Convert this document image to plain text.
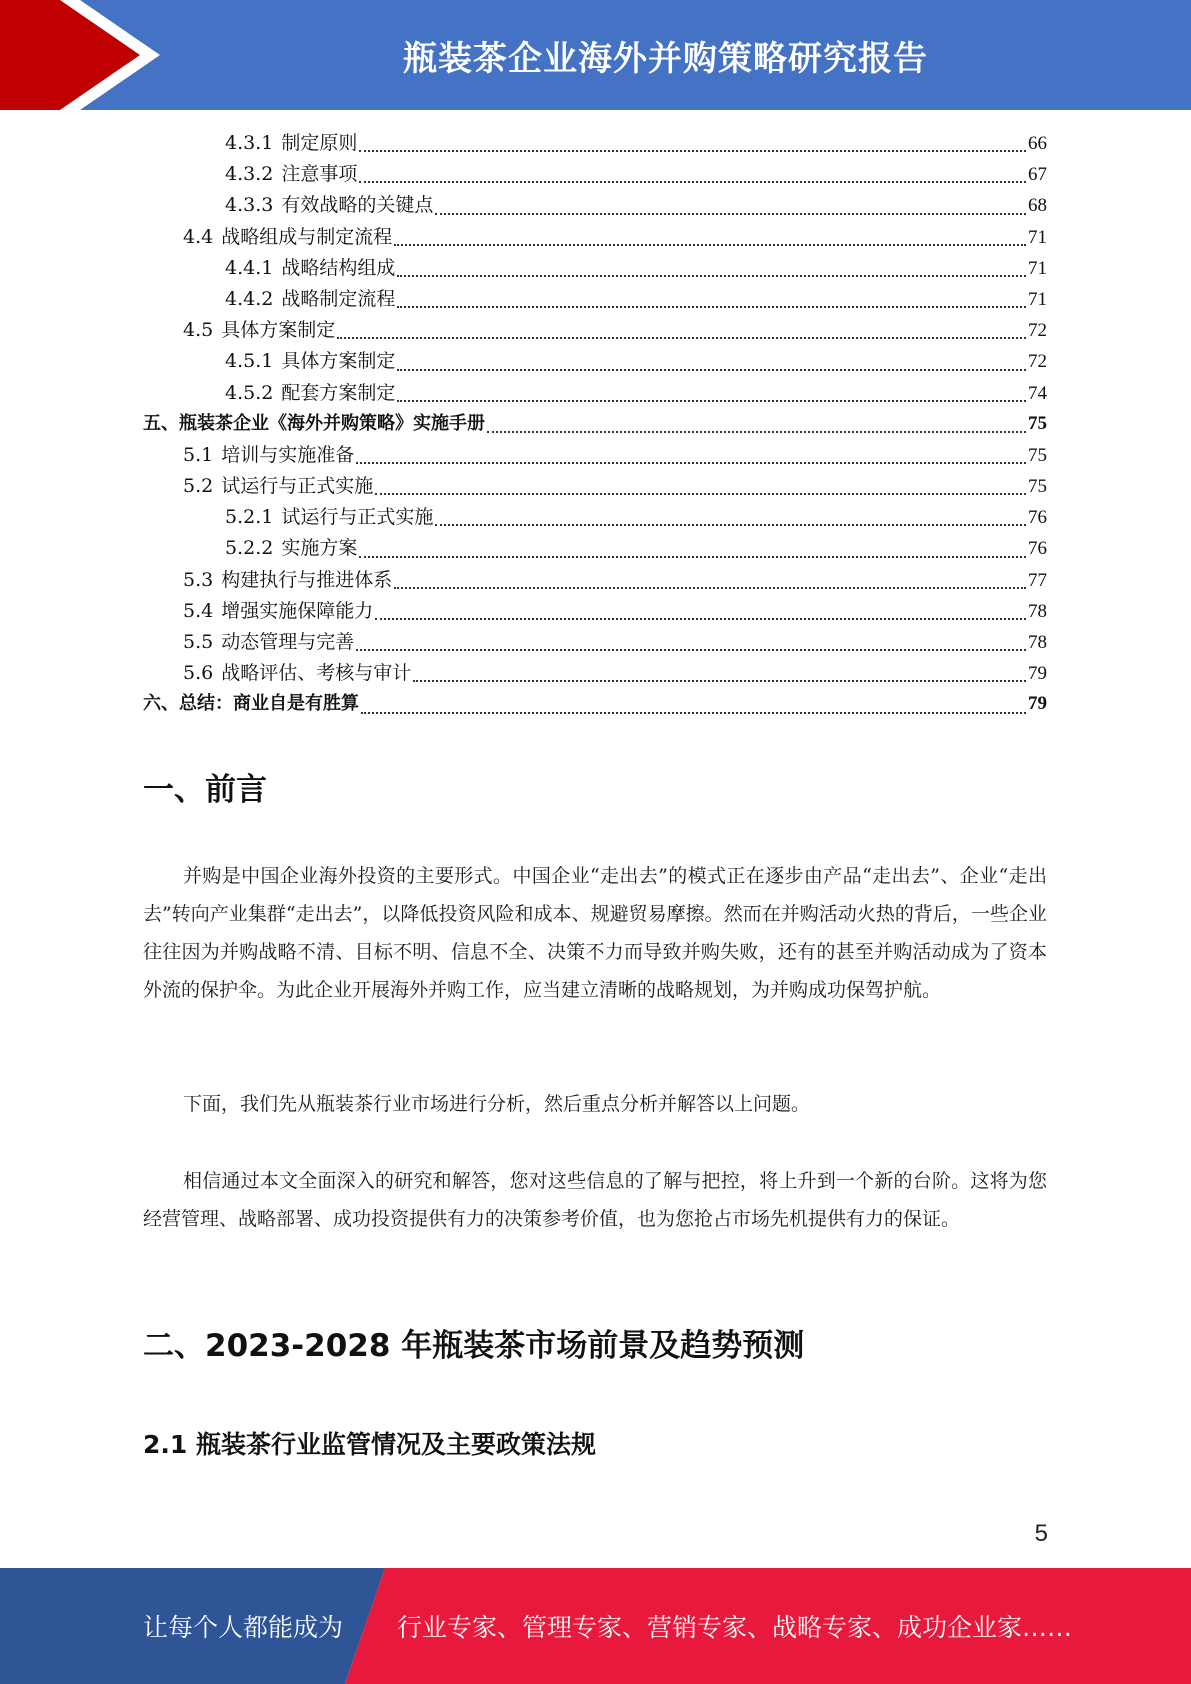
瓶装茶企业海外并购策略研究报告
4.3.1 制定原则	66
4.3.2 注意事项	67
4.3.3 有效战略的关键点	68
4.4 战略组成与制定流程	71
4.4.1 战略结构组成	71
4.4.2 战略制定流程	71
4.5 具体方案制定	72
4.5.1 具体方案制定	72
4.5.2 配套方案制定	74
五、瓶装茶企业《海外并购策略》实施手册	75
5.1 培训与实施准备	75
5.2 试运行与正式实施	75
5.2.1 试运行与正式实施	76
5.2.2 实施方案	76
5.3 构建执行与推进体系	77
5.4 增强实施保障能力	78
5.5 动态管理与完善	78
5.6 战略评估、考核与审计	79
六、总结：商业自是有胜算	79
一、前言
并购是中国企业海外投资的主要形式。中国企业“走出去”的模式正在逐步由产品“走出去”、企业“走出去”转向产业集群“走出去”，以降低投资风险和成本、规避贸易摩擦。然而在并购活动火热的背后，一些企业往往因为并购战略不清、目标不明、信息不全、决策不力而导致并购失败，还有的甚至并购活动成为了资本外流的保护伞。为此企业开展海外并购工作，应当建立清晰的战略规划，为并购成功保驾护航。
下面，我们先从瓶装茶行业市场进行分析，然后重点分析并解答以上问题。
相信通过本文全面深入的研究和解答，您对这些信息的了解与把控，将上升到一个新的台阶。这将为您经营管理、战略部署、成功投资提供有力的决策参考价值，也为您抢占市场先机提供有力的保证。
二、2023-2028 年瓶装茶市场前景及趋势预测
2.1 瓶装茶行业监管情况及主要政策法规
5
让每个人都能成为 行业专家、管理专家、营销专家、战略专家、成功企业家……
